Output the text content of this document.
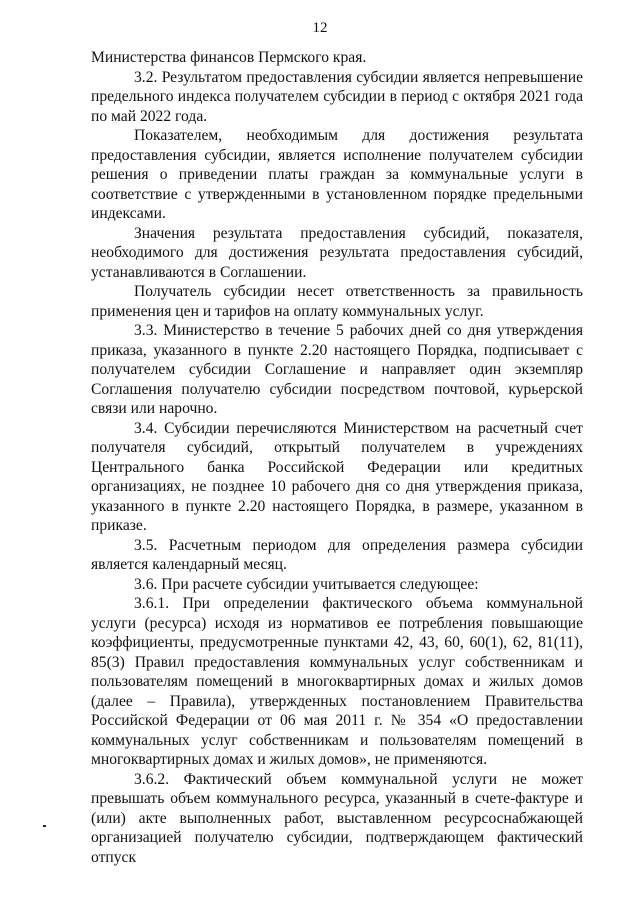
12

Министерства финансов Пермского края.

3.2. Результатом предоставления субсидии является непревышение предельного индекса получателем субсидии в период с октября 2021 года по май 2022 года.

Показателем, необходимым для достижения результата предоставления субсидии, является исполнение получателем субсидии решения о приведении платы граждан за коммунальные услуги в соответствие с утвержденными в установленном порядке предельными индексами.

Значения результата предоставления субсидий, показателя, необходимого для достижения результата предоставления субсидий, устанавливаются в Соглашении.

Получатель субсидии несет ответственность за правильность применения цен и тарифов на оплату коммунальных услуг.

3.3. Министерство в течение 5 рабочих дней со дня утверждения приказа, указанного в пункте 2.20 настоящего Порядка, подписывает с получателем субсидии Соглашение и направляет один экземпляр Соглашения получателю субсидии посредством почтовой, курьерской связи или нарочно.

3.4. Субсидии перечисляются Министерством на расчетный счет получателя субсидий, открытый получателем в учреждениях Центрального банка Российской Федерации или кредитных организациях, не позднее 10 рабочего дня со дня утверждения приказа, указанного в пункте 2.20 настоящего Порядка, в размере, указанном в приказе.

3.5. Расчетным периодом для определения размера субсидии является календарный месяц.

3.6. При расчете субсидии учитывается следующее:

3.6.1. При определении фактического объема коммунальной услуги (ресурса) исходя из нормативов ее потребления повышающие коэффициенты, предусмотренные пунктами 42, 43, 60, 60(1), 62, 81(11), 85(3) Правил предоставления коммунальных услуг собственникам и пользователям помещений в многоквартирных домах и жилых домов (далее – Правила), утвержденных постановлением Правительства Российской Федерации от 06 мая 2011 г. № 354 «О предоставлении коммунальных услуг собственникам и пользователям помещений в многоквартирных домах и жилых домов», не применяются.

3.6.2. Фактический объем коммунальной услуги не может превышать объем коммунального ресурса, указанный в счете-фактуре и (или) акте выполненных работ, выставленном ресурсоснабжающей организацией получателю субсидии, подтверждающем фактический отпуск
